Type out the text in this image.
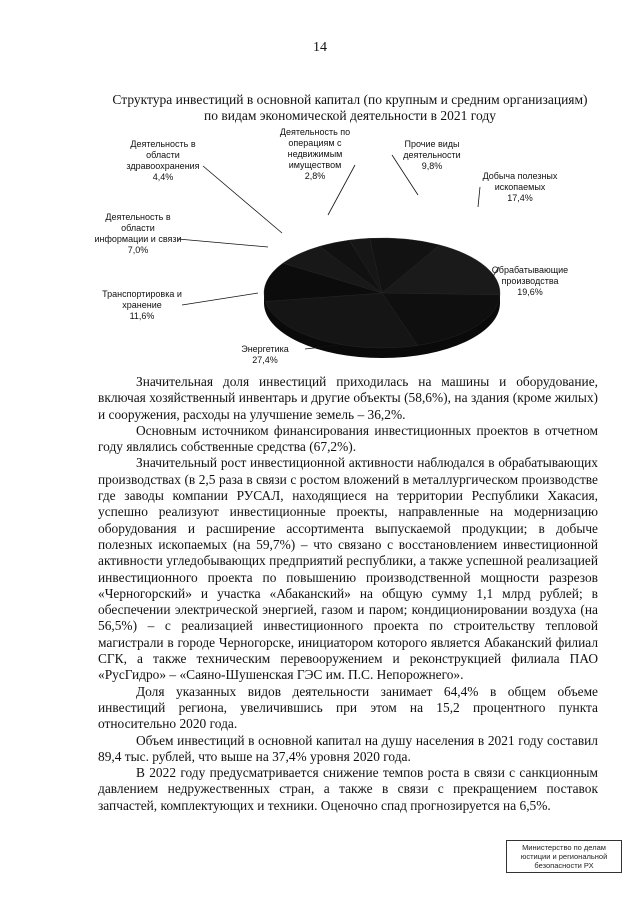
14
Структура инвестиций в основной капитал (по крупным и средним организациям)
по видам экономической деятельности в 2021 году
Прочие виды деятельности 9,8%
Добыча полезных ископаемых 17,4%
Обрабатывающие производства 19,6%
Энергетика 27,4%
Транспортировка и хранение 11,6%
Деятельность в области информации и связи 7,0%
Деятельность в области здравоохранения 4,4%
Деятельность по операциям с недвижимым имуществом 2,8%

Значительная доля инвестиций приходилась на машины и оборудование, включая хозяйственный инвентарь и другие объекты (58,6%), на здания (кроме жилых) и сооружения, расходы на улучшение земель – 36,2%.

Основным источником финансирования инвестиционных проектов в отчетном году являлись собственные средства (67,2%).

Значительный рост инвестиционной активности наблюдался в обрабатывающих производствах (в 2,5 раза в связи с ростом вложений в металлургическом производстве где заводы компании РУСАЛ, находящиеся на территории Республики Хакасия, успешно реализуют инвестиционные проекты, направленные на модернизацию оборудования и расширение ассортимента выпускаемой продукции; в добыче полезных ископаемых (на 59,7%) – что связано с восстановлением инвестиционной активности угледобывающих предприятий республики, а также успешной реализацией инвестиционного проекта по повышению производственной мощности разрезов «Черногорский» и участка «Абаканский» на общую сумму 1,1 млрд рублей; в обеспечении электрической энергией, газом и паром; кондиционировании воздуха (на 56,5%) – с реализацией инвестиционного проекта по строительству тепловой магистрали в городе Черногорске, инициатором которого является Абаканский филиал СГК, а также техническим перевооружением и реконструкцией филиала ПАО «РусГидро» – «Саяно-Шушенская ГЭС им. П.С. Непорожнего».

Доля указанных видов деятельности занимает 64,4% в общем объеме инвестиций региона, увеличившись при этом на 15,2 процентного пункта относительно 2020 года.

Объем инвестиций в основной капитал на душу населения в 2021 году составил 89,4 тыс. рублей, что выше на 37,4% уровня 2020 года.

В 2022 году предусматривается снижение темпов роста в связи с санкционным давлением недружественных стран, а также в связи с прекращением поставок запчастей, комплектующих и техники. Оценочно спад прогнозируется на 6,5%.

Министерство по делам
юстиции и региональной
безопасности РХ
